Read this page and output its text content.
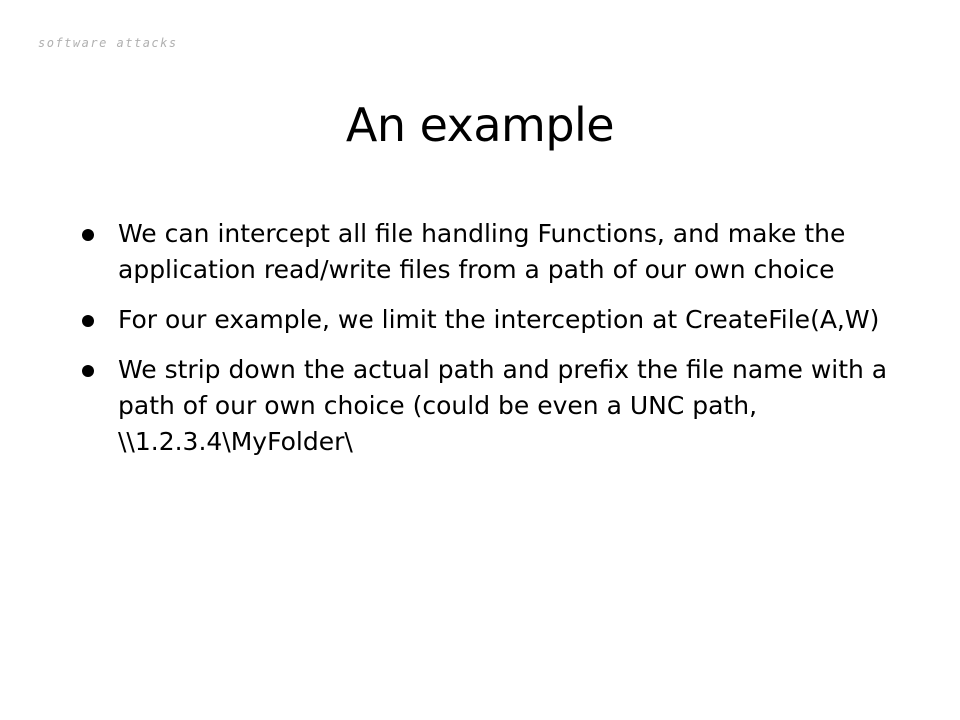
software attacks
An example
We can intercept all file handling Functions, and make the application read/write files from a path of our own choice
For our example, we limit the interception at CreateFile(A,W)
We strip down the actual path and prefix the file name with a path of our own choice (could be even a UNC path, \\1.2.3.4\MyFolder\
